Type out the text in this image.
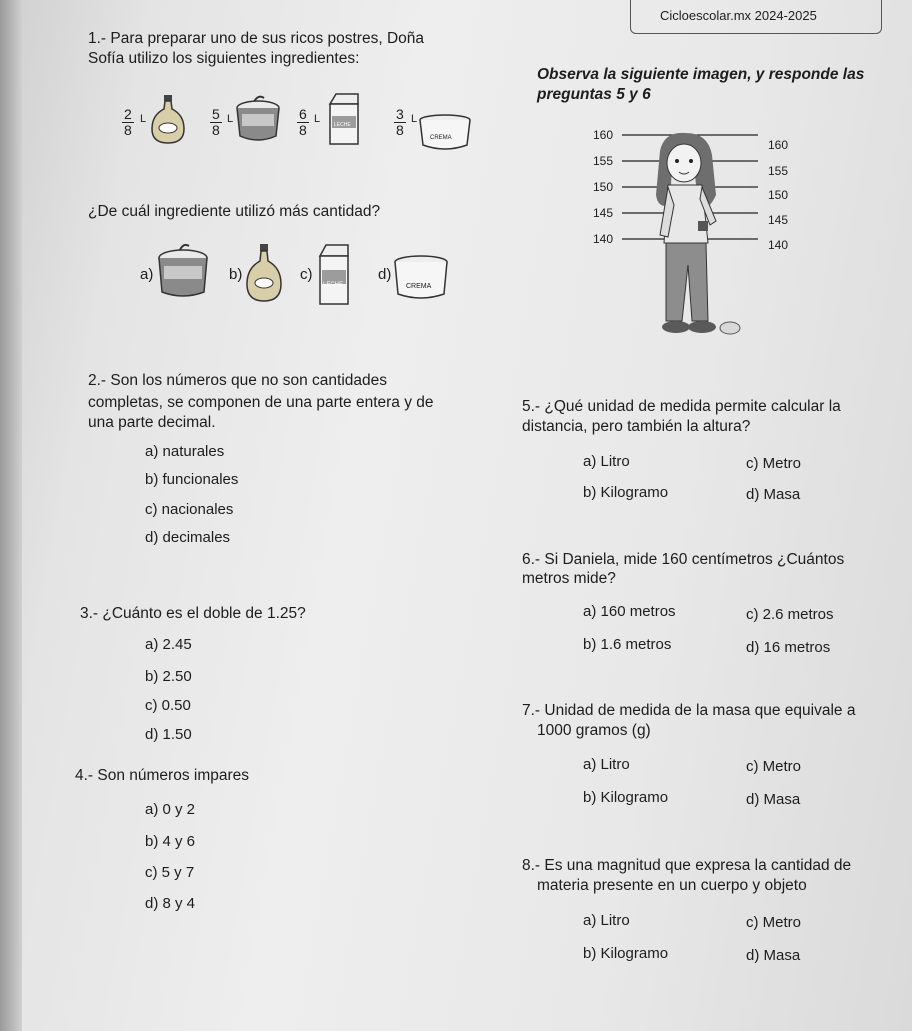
Cicloescolar.mx 2024-2025
1.- Para preparar uno de sus ricos postres, Doña
Sofía utilizo los siguientes ingredientes:
$\frac{2}{8}$ L	$\frac{5}{8}$ L	$\frac{6}{8}$ L	LECHE	$\frac{3}{8}$ L
CREMA
¿De cuál ingrediente utilizó más cantidad?
a)	b)	c)
LECHE
d)
CREMA
2.- Son los números que no son cantidades
completas, se componen de una parte entera y de
una parte decimal.
a) naturales
b) funcionales
c) nacionales
d) decimales
3.- ¿Cuánto es el doble de 1.25?
a) 2.45
b) 2.50
c) 0.50
d) 1.50
4.- Son números impares
a) 0 y 2
b) 4 y 6
c) 5 y 7
d) 8 y 4
Observa la siguiente imagen, y responde las
preguntas 5 y 6
160
155
150
145
140
160
155
150
145
140
5.- ¿Qué unidad de medida permite calcular la
distancia, pero también la altura?
a) Litro	c) Metro
b) Kilogramo	d) Masa
6.- Si Daniela, mide 160 centímetros ¿Cuántos
metros mide?
a) 160 metros	c) 2.6 metros
b) 1.6 metros	d) 16 metros
7.- Unidad de medida de la masa que equivale a
1000 gramos (g)
a) Litro	c) Metro
b) Kilogramo	d) Masa
8.- Es una magnitud que expresa la cantidad de
materia presente en un cuerpo y objeto
a) Litro	c) Metro
b) Kilogramo	d) Masa
